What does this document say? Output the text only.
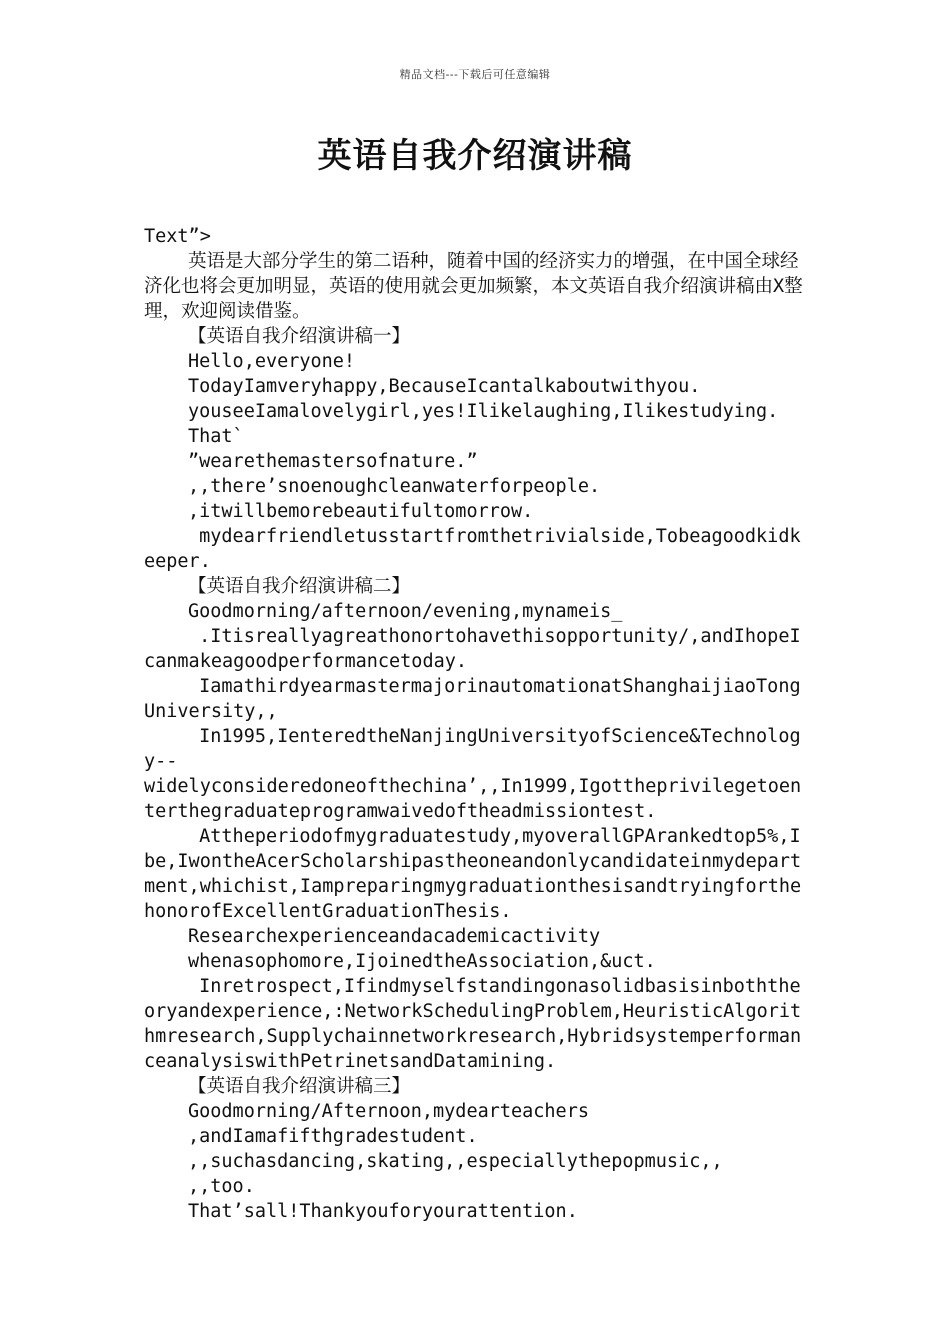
精品文档---下载后可任意编辑
英语自我介绍演讲稿

Text”>

英语是大部分学生的第二语种，随着中国的经济实力的增强，在中国全球经济化也将会更加明显，英语的使用就会更加频繁，本文英语自我介绍演讲稿由X整理，欢迎阅读借鉴。

【英语自我介绍演讲稿一】

Hello,everyone!

TodayIamveryhappy,BecauseIcantalkaboutwithyou.

youseeIamalovelygirl,yes!Ilikelaughing,Ilikestudying.

That`

”wearethemastersofnature.”

,,there’snoenoughcleanwaterforpeople.

,itwillbemorebeautifultomorrow.

mydearfriendletusstartfromthetrivialside,Tobeagoodkidkeeper.

【英语自我介绍演讲稿二】

Goodmorning/afternoon/evening,mynameis_

.Itisreallyagreathonortohavethisopportunity/,andIhopeIcanmakeagoodperformancetoday.

IamathirdyearmastermajorinautomationatShanghaijiaoTongUniversity,,

In1995,IenteredtheNanjingUniversityofScience&Technology--

widelyconsideredoneofthechina’,,In1999,Igottheprivilegetoenterthegraduateprogramwaivedoftheadmissiontest.

Attheperiodofmygraduatestudy,myoverallGPArankedtop5%,Ibe,IwontheAcerScholarshipastheoneandonlycandidateinmydepartment,whichist,IampreparingmygraduationthesisandtryingforthehonorofExcellentGraduationThesis.

Researchexperienceandacademicactivity

whenasophomore,IjoinedtheAssociation,&uct.

Inretrospect,Ifindmyselfstandingonasolidbasisinboththeoryandexperience,:NetworkSchedulingProblem,HeuristicAlgorithmresearch,Supplychainnetworkresearch,HybridsystemperformanceanalysiswithPetrinetsandDatamining.

【英语自我介绍演讲稿三】

Goodmorning/Afternoon,mydearteachers

,andIamafifthgradestudent.

,,suchasdancing,skating,,especiallythepopmusic,,

,,too.

That’sall!Thankyouforyourattention.
